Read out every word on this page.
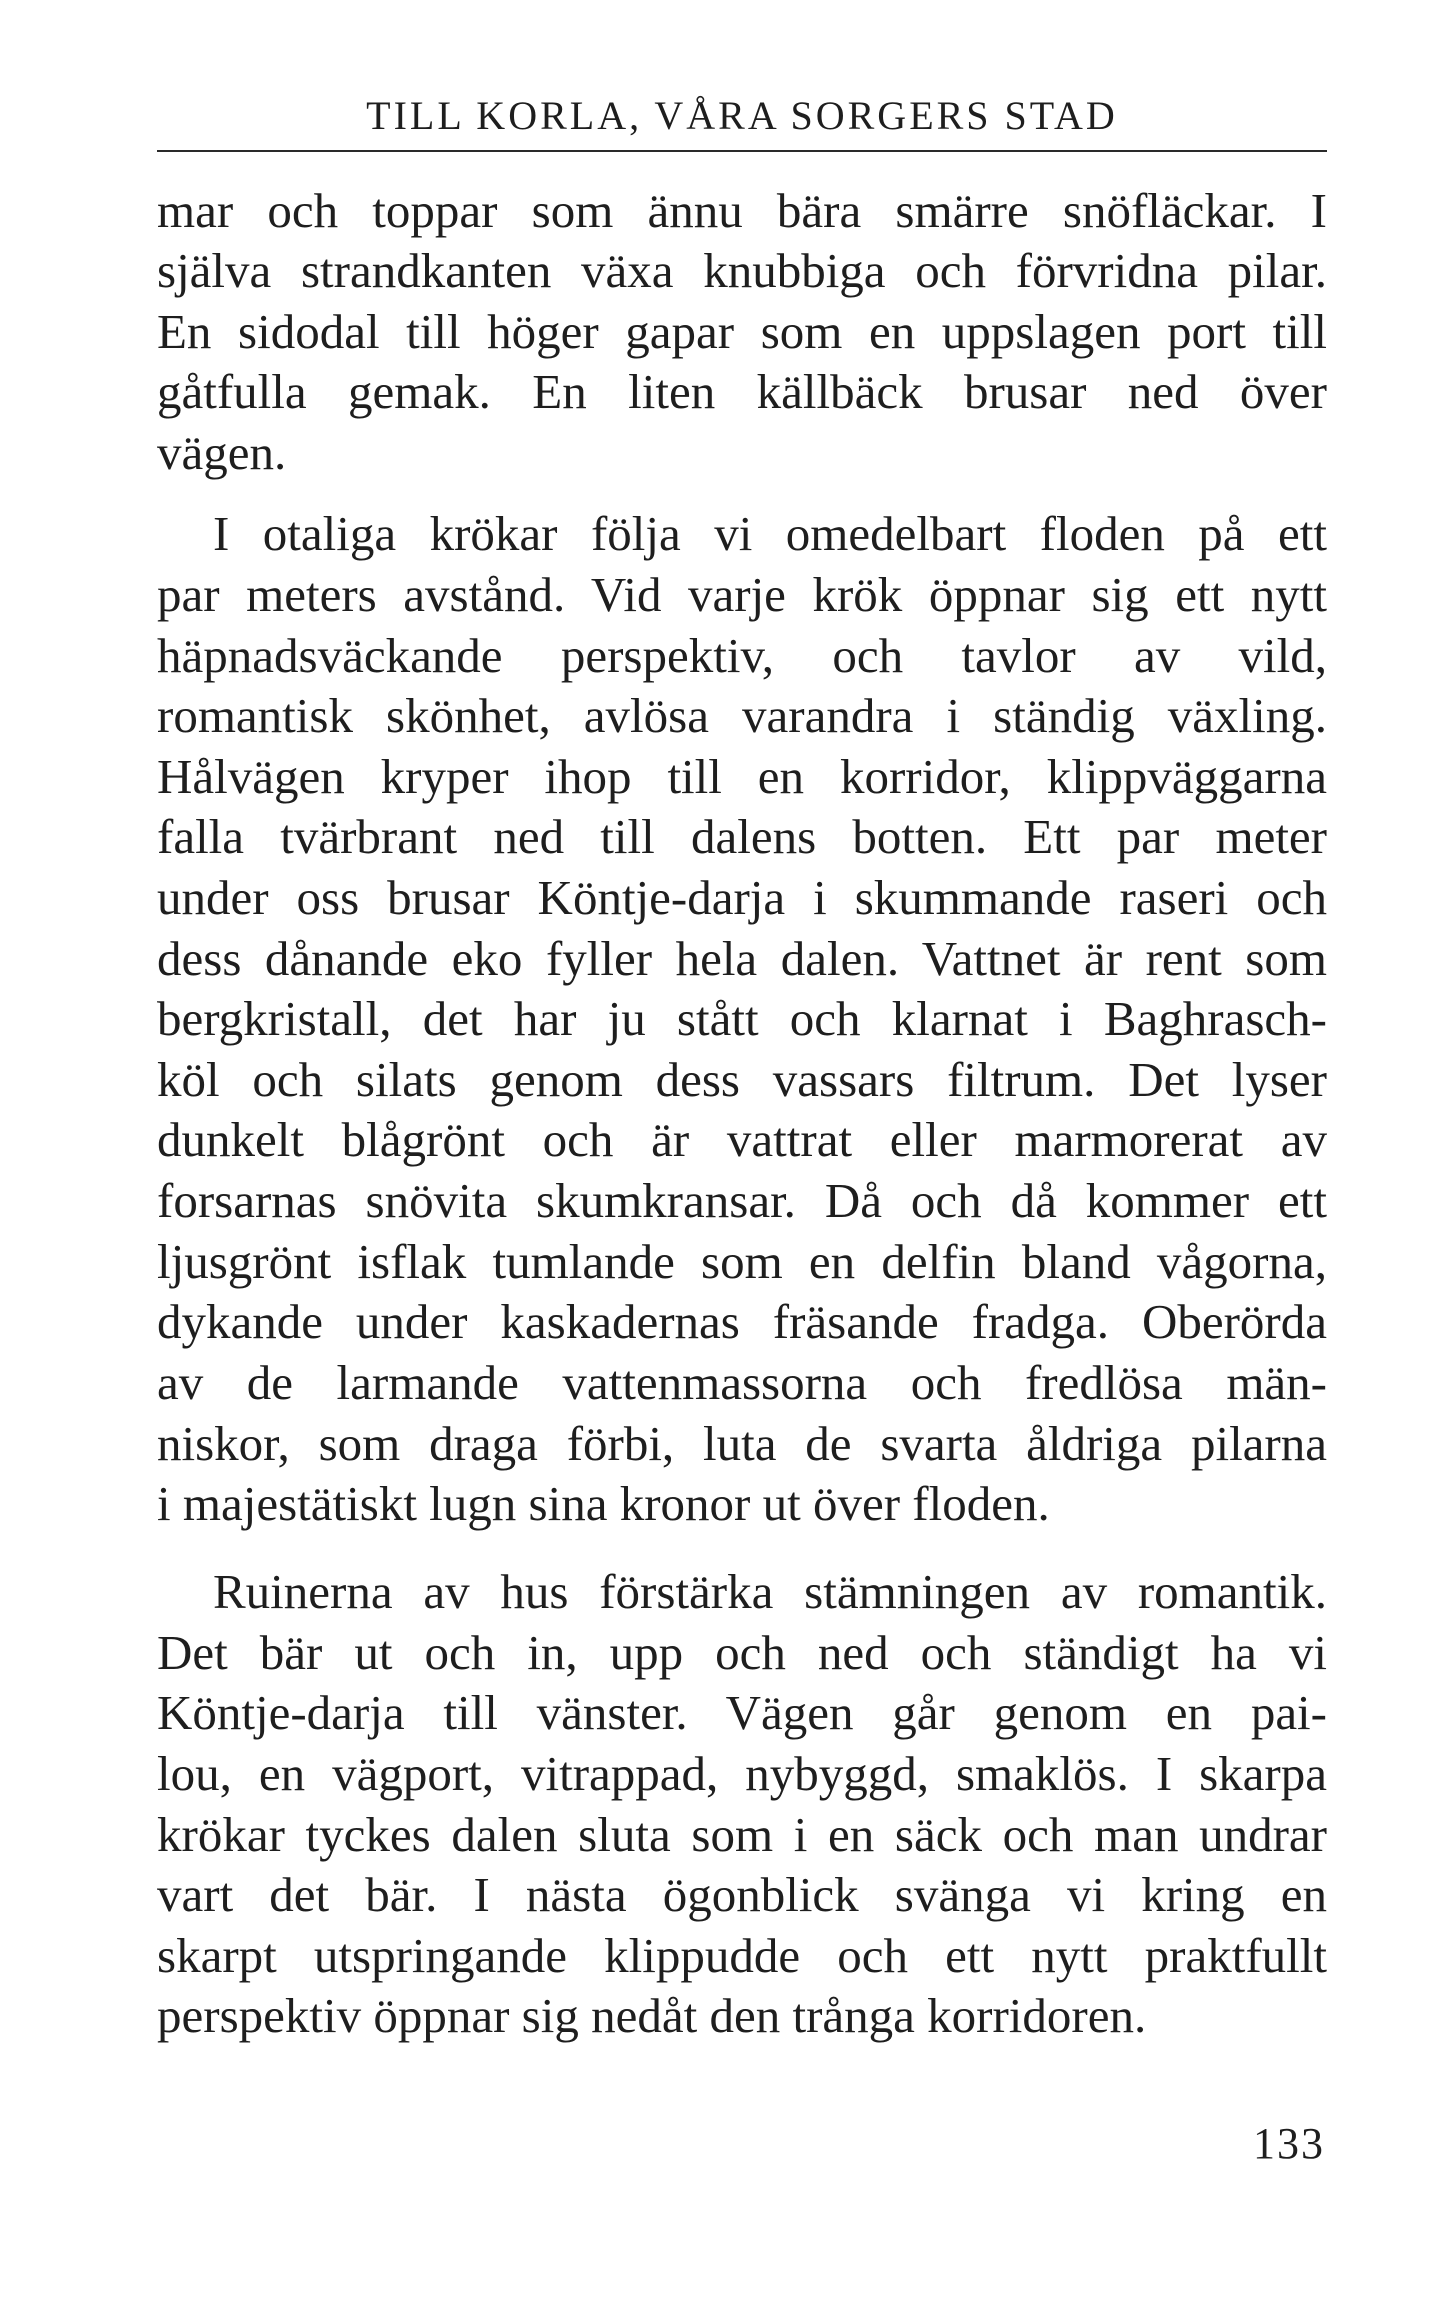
TILL KORLA, VÅRA SORGERS STAD
mar och toppar som ännu bära smärre snöfläckar. I
själva strandkanten växa knubbiga och förvridna pilar.
En sidodal till höger gapar som en uppslagen port till
gåtfulla gemak. En liten källbäck brusar ned över
vägen.
I otaliga krökar följa vi omedelbart floden på ett
par meters avstånd. Vid varje krök öppnar sig ett nytt
häpnadsväckande perspektiv, och tavlor av vild,
romantisk skönhet, avlösa varandra i ständig växling.
Hålvägen kryper ihop till en korridor, klippväggarna
falla tvärbrant ned till dalens botten. Ett par meter
under oss brusar Köntje-darja i skummande raseri och
dess dånande eko fyller hela dalen. Vattnet är rent som
bergkristall, det har ju stått och klarnat i Baghrasch-
köl och silats genom dess vassars filtrum. Det lyser
dunkelt blågrönt och är vattrat eller marmorerat av
forsarnas snövita skumkransar. Då och då kommer ett
ljusgrönt isflak tumlande som en delfin bland vågorna,
dykande under kaskadernas fräsande fradga. Oberörda
av de larmande vattenmassorna och fredlösa män-
niskor, som draga förbi, luta de svarta åldriga pilarna
i majestätiskt lugn sina kronor ut över floden.
Ruinerna av hus förstärka stämningen av romantik.
Det bär ut och in, upp och ned och ständigt ha vi
Köntje-darja till vänster. Vägen går genom en pai-
lou, en vägport, vitrappad, nybyggd, smaklös. I skarpa
krökar tyckes dalen sluta som i en säck och man undrar
vart det bär. I nästa ögonblick svänga vi kring en
skarpt utspringande klippudde och ett nytt praktfullt
perspektiv öppnar sig nedåt den trånga korridoren.
133
